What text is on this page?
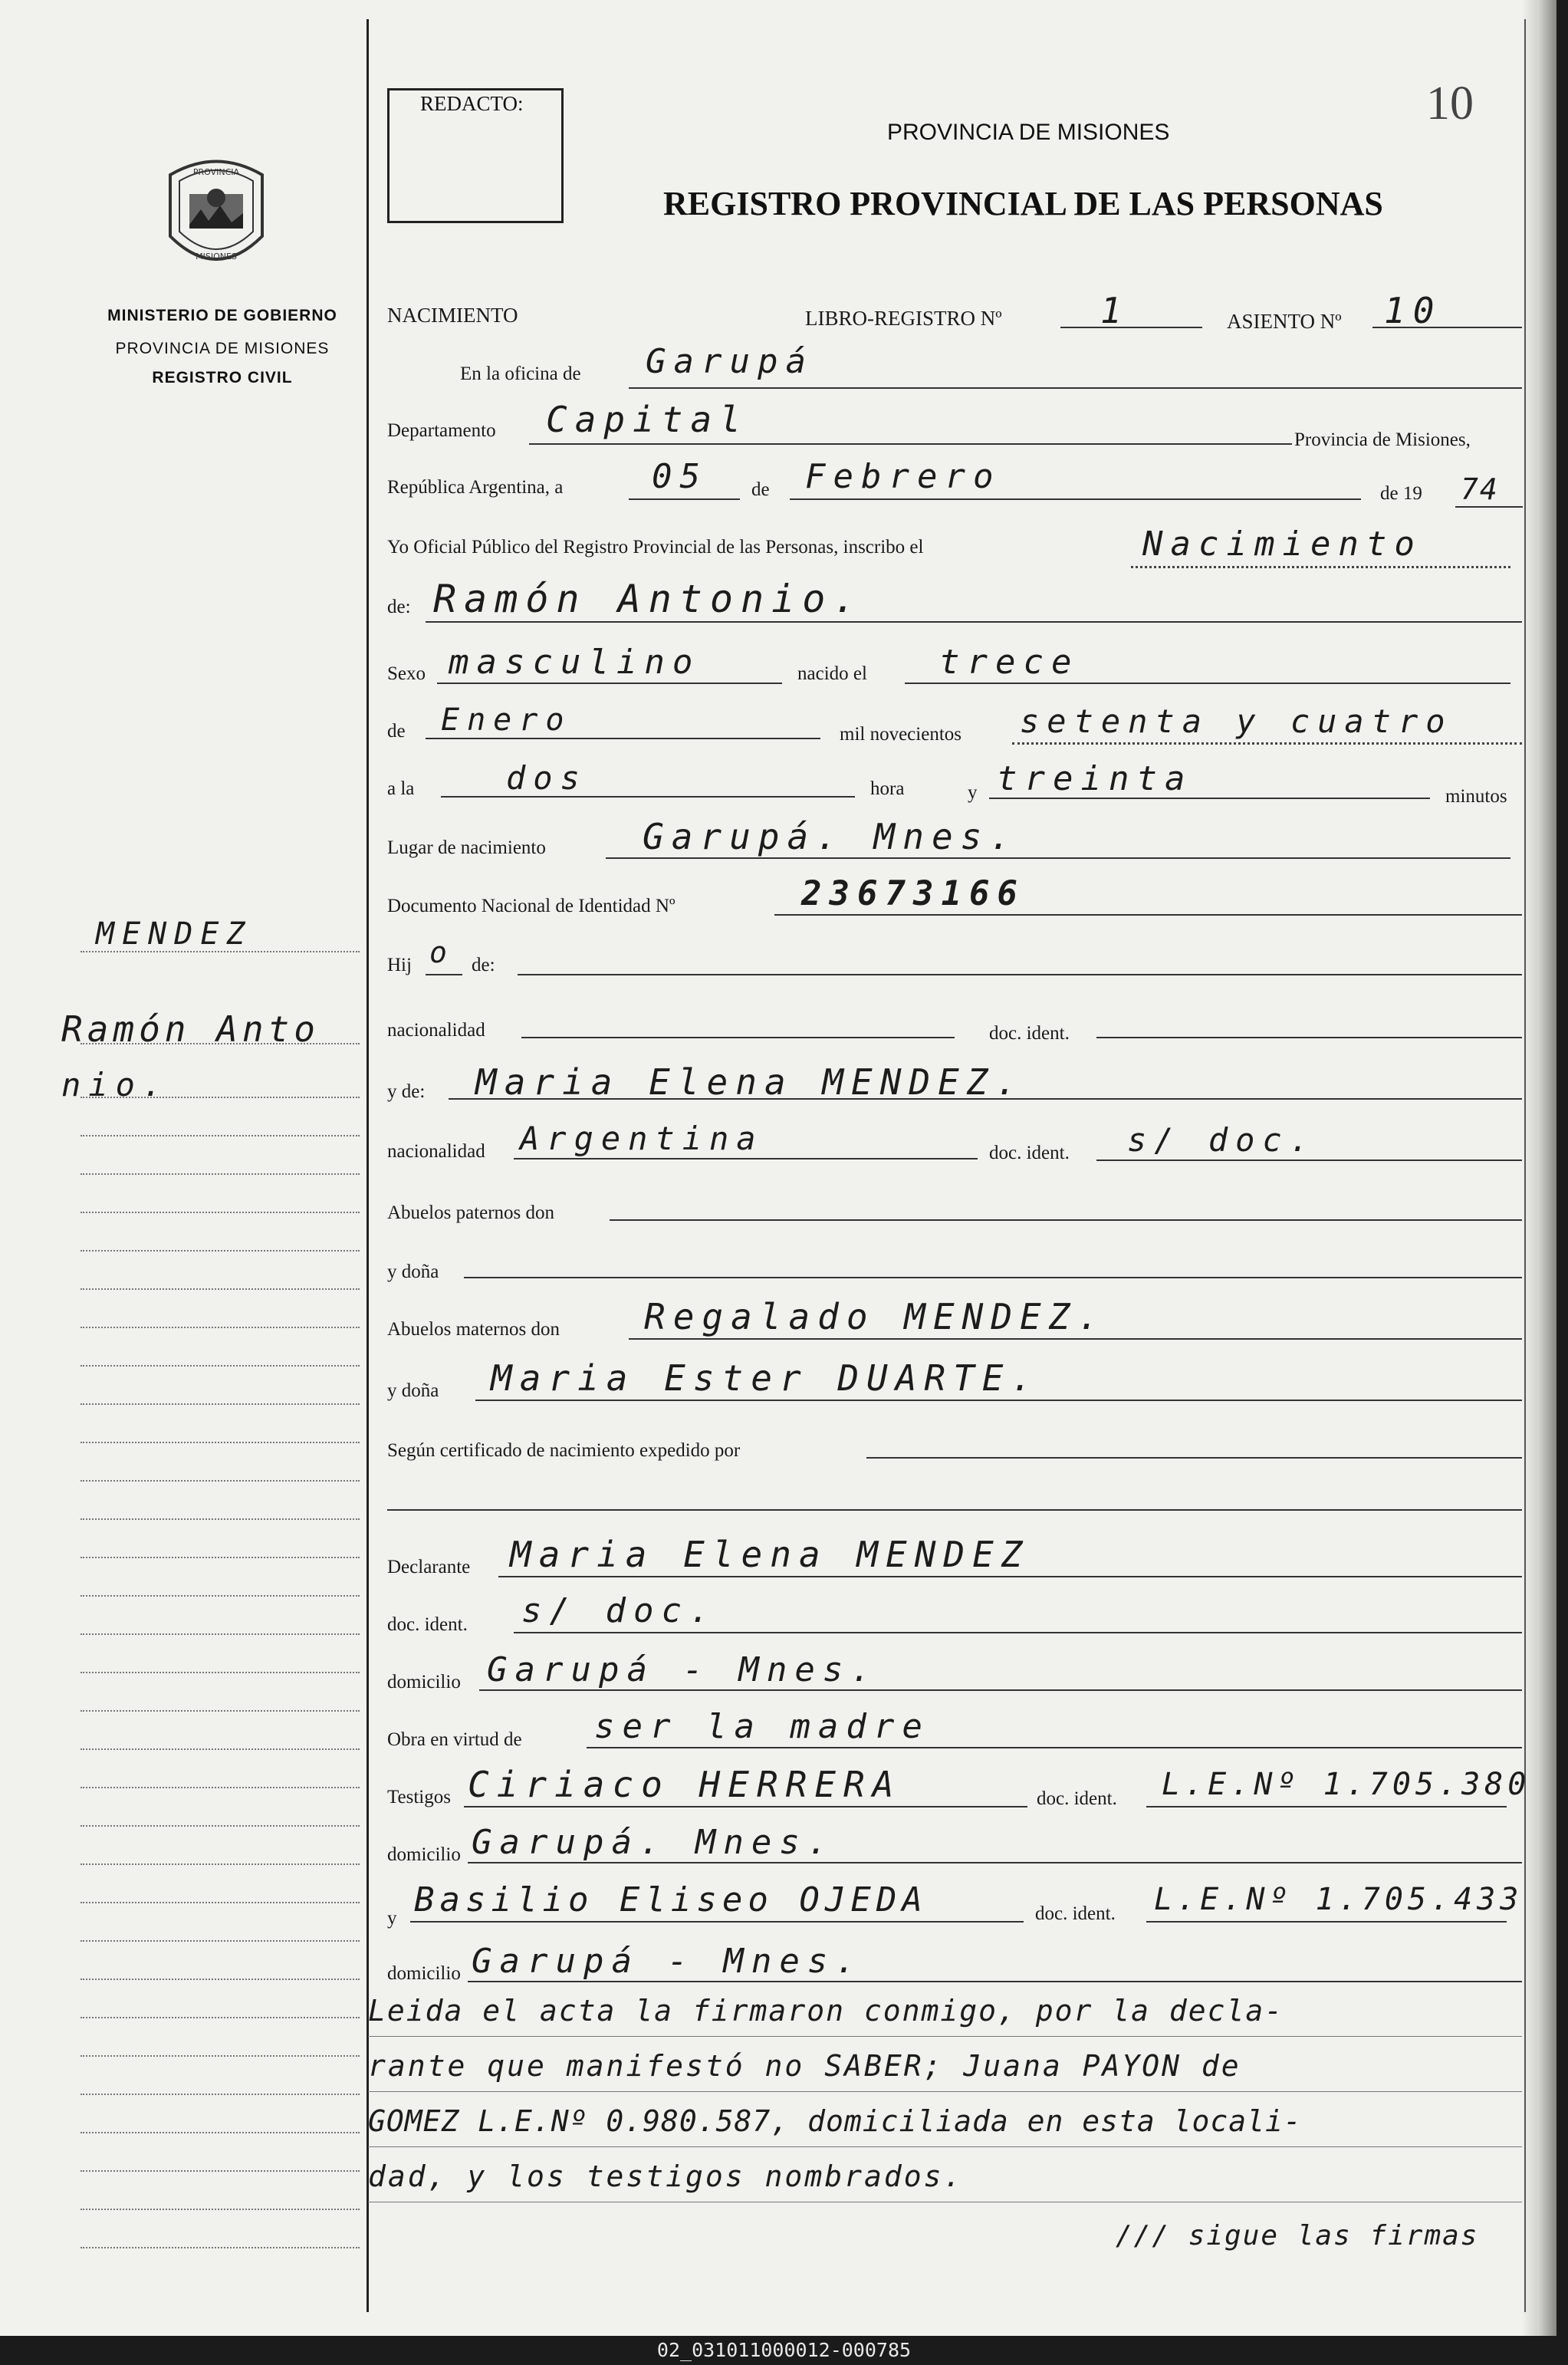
10
REDACTO:
PROVINCIA DE MISIONES
REGISTRO PROVINCIAL DE LAS PERSONAS
PROVINCIA
MISIONES
MINISTERIO DE GOBIERNO
PROVINCIA DE MISIONES
REGISTRO CIVIL
MENDEZ
Ramón Anto
nio.
NACIMIENTO	LIBRO-REGISTRO Nº	1	ASIENTO Nº 10
En la oficina de Garupá
Departamento Capital	Provincia de Misiones,
República Argentina, a	05 de Febrero	de 19 74
Yo Oficial Público del Registro Provincial de las Personas, inscribo el	Nacimiento
de: Ramón Antonio.
Sexo masculino	nacido el trece
de Enero	mil novecientos setenta y cuatro
a la	dos	hora	y treinta	minutos
Lugar de nacimiento	Garupá. Mnes.
Documento Nacional de Identidad Nº	23673166
Hij o de:
nacionalidad	doc. ident.
y de: Maria Elena MENDEZ.
nacionalidad Argentina	doc. ident. s/ doc.
Abuelos paternos don
y doña
Abuelos maternos don Regalado MENDEZ.
y doña Maria Ester DUARTE.
Según certificado de nacimiento expedido por
Declarante Maria Elena MENDEZ
doc. ident. s/ doc.
domicilio Garupá - Mnes.
Obra en virtud de ser la madre
Testigos Ciriaco HERRERA	doc. ident. L.E.Nº 1.705.380
domicilio Garupá. Mnes.
y Basilio Eliseo OJEDA	doc. ident. L.E.Nº 1.705.433
domicilio Garupá - Mnes.
Leida el acta la firmaron conmigo, por la decla-
rante que manifestó no SABER; Juana PAYON de
GOMEZ L.E.Nº 0.980.587, domiciliada en esta locali-
dad, y los testigos nombrados.
/// sigue las firmas
02_031011000012-000785
